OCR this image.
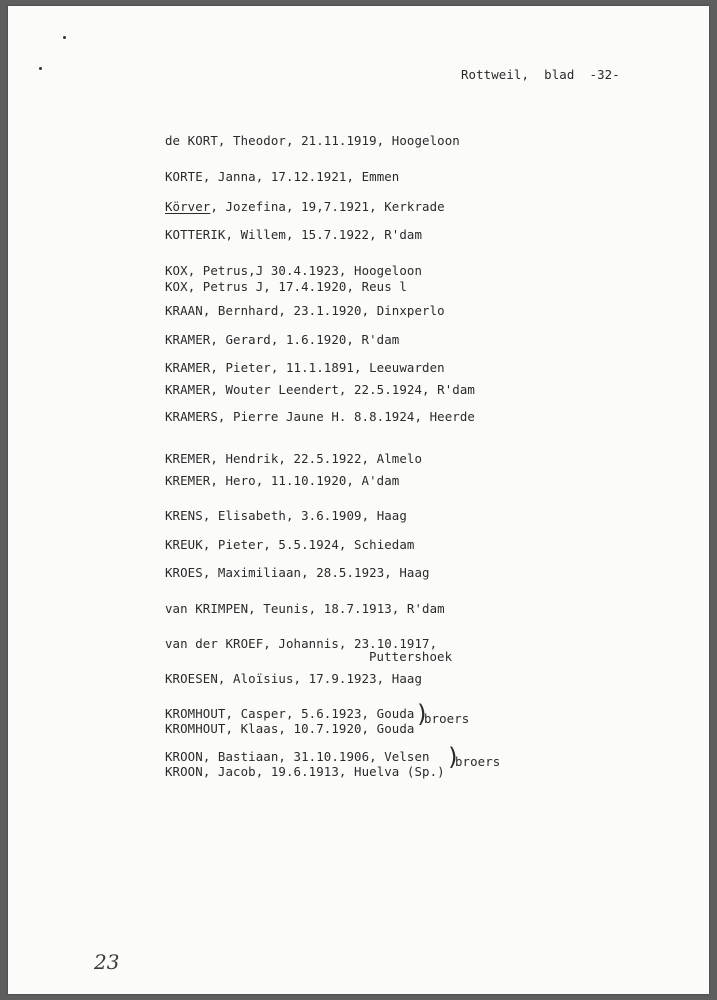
Rottweil,  blad  -32-
de KORT, Theodor, 21.11.1919, Hoogeloon
KORTE, Janna, 17.12.1921, Emmen
Körver, Jozefina, 19,7.1921, Kerkrade
KOTTERIK, Willem, 15.7.1922, R'dam
KOX, Petrus,J 30.4.1923, Hoogeloon
KOX, Petrus J, 17.4.1920, Reus l
KRAAN, Bernhard, 23.1.1920, Dinxperlo
KRAMER, Gerard, 1.6.1920, R'dam
KRAMER, Pieter, 11.1.1891, Leeuwarden
KRAMER, Wouter Leendert, 22.5.1924, R'dam
KRAMERS, Pierre Jaune H. 8.8.1924, Heerde
KREMER, Hendrik, 22.5.1922, Almelo
KREMER, Hero, 11.10.1920, A'dam
KRENS, Elisabeth, 3.6.1909, Haag
KREUK, Pieter, 5.5.1924, Schiedam
KROES, Maximiliaan, 28.5.1923, Haag
van KRIMPEN, Teunis, 18.7.1913, R'dam
van der KROEF, Johannis, 23.10.1917,
Puttershoek
KROESEN, Aloïsius, 17.9.1923, Haag
KROMHOUT, Casper, 5.6.1923, Gouda
KROMHOUT, Klaas, 10.7.1920, Gouda
)
broers
KROON, Bastiaan, 31.10.1906, Velsen
KROON, Jacob, 19.6.1913, Huelva (Sp.)
)
broers
23
